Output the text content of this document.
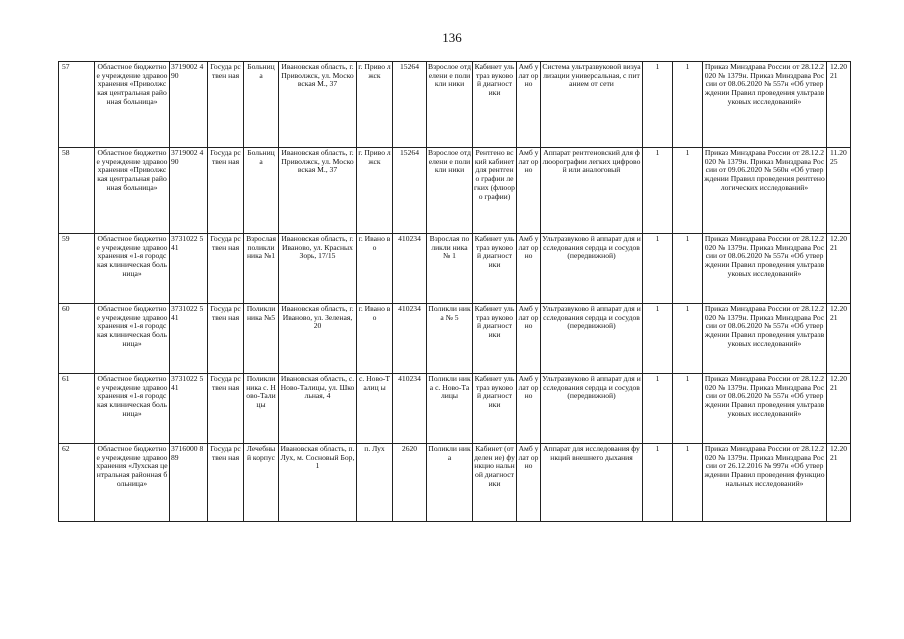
136
57	Областное бюджетное учреждение здравоохранения «Приволжская центральная районная больница»	3719002 490	Госуда рствен ная	Больниц а	Ивановская область, г. Приволжск, ул. Московская М., 37	г. Приво лжск	15264	Взрослое отделени е поликли ники	Кабинет ультраз вуковой диагност ики	Амб улат орно	Система ультразвуковой визуализации универсальная, с питанием от сети	1	1	Приказ Минздрава России от 28.12.2020 № 1379н. Приказ Минздрава России от 08.06.2020 № 557н «Об утверждении Правил проведения ультразвуковых исследований»	12.20 21
58	Областное бюджетное учреждение здравоохранения «Приволжская центральная районная больница»	3719002 490	Госуда рствен ная	Больниц а	Ивановская область, г. Приволжск, ул. Московская М., 37	г. Приво лжск	15264	Взрослое отделени е поликли ники	Рентгено вский кабинет для рентгено графии легких (флюоро графии)	Амб улат орно	Аппарат рентгеновский для флюорографии легких цифровой или аналоговый	1	1	Приказ Минздрава России от 28.12.2020 № 1379н. Приказ Минздрава России от 09.06.2020 № 560н «Об утверждении Правил проведения рентгенологических исследований»	11.20 25
59	Областное бюджетное учреждение здравоохранения «1-я городская клиническая больница»	3731022 541	Госуда рствен ная	Взрослая поликли ника №1	Ивановская область, г. Иваново, ул. Красных Зорь, 17/15	г. Ивано во	410234	Взрослая поликли ника № 1	Кабинет ультраз вуковой диагност ики	Амб улат орно	Ультразвуково й аппарат для исследования сердца и сосудов (передвижной)	1	1	Приказ Минздрава России от 28.12.2020 № 1379н. Приказ Минздрава России от 08.06.2020 № 557н «Об утверждении Правил проведения ультразвуковых исследований»	12.20 21
60	Областное бюджетное учреждение здравоохранения «1-я городская клиническая больница»	3731022 541	Госуда рствен ная	Поликли ника №5	Ивановская область, г. Иваново, ул. Зеленая, 20	г. Ивано во	410234	Поликли ника № 5	Кабинет ультраз вуковой диагност ики	Амб улат орно	Ультразвуково й аппарат для исследования сердца и сосудов (передвижной)	1	1	Приказ Минздрава России от 28.12.2020 № 1379н. Приказ Минздрава России от 08.06.2020 № 557н «Об утверждении Правил проведения ультразвуковых исследований»	12.20 21
61	Областное бюджетное учреждение здравоохранения «1-я городская клиническая больница»	3731022 541	Госуда рствен ная	Поликли ника с. Ново-Талицы	Ивановская область, с. Ново-Талицы, ул. Школьная, 4	с. Ново-Талиц ы	410234	Поликли ника с. Ново-Талицы	Кабинет ультраз вуковой диагност ики	Амб улат орно	Ультразвуково й аппарат для исследования сердца и сосудов (передвижной)	1	1	Приказ Минздрава России от 28.12.2020 № 1379н. Приказ Минздрава России от 08.06.2020 № 557н «Об утверждении Правил проведения ультразвуковых исследований»	12.20 21
62	Областное бюджетное учреждение здравоохранения «Лухская центральная районная больница»	3716000 889	Госуда рствен ная	Лечебны й корпус	Ивановская область, п. Лух, м. Сосновый Бор, 1	п. Лух	2620	Поликли ника	Кабинет (отделен ие) функцио нальной диагност ики	Амб улат орно	Аппарат для исследования функций внешнего дыхания	1	1	Приказ Минздрава России от 28.12.2020 № 1379н. Приказ Минздрава России от 26.12.2016 № 997н «Об утверждении Правил проведения функциональных исследований»	12.20 21
